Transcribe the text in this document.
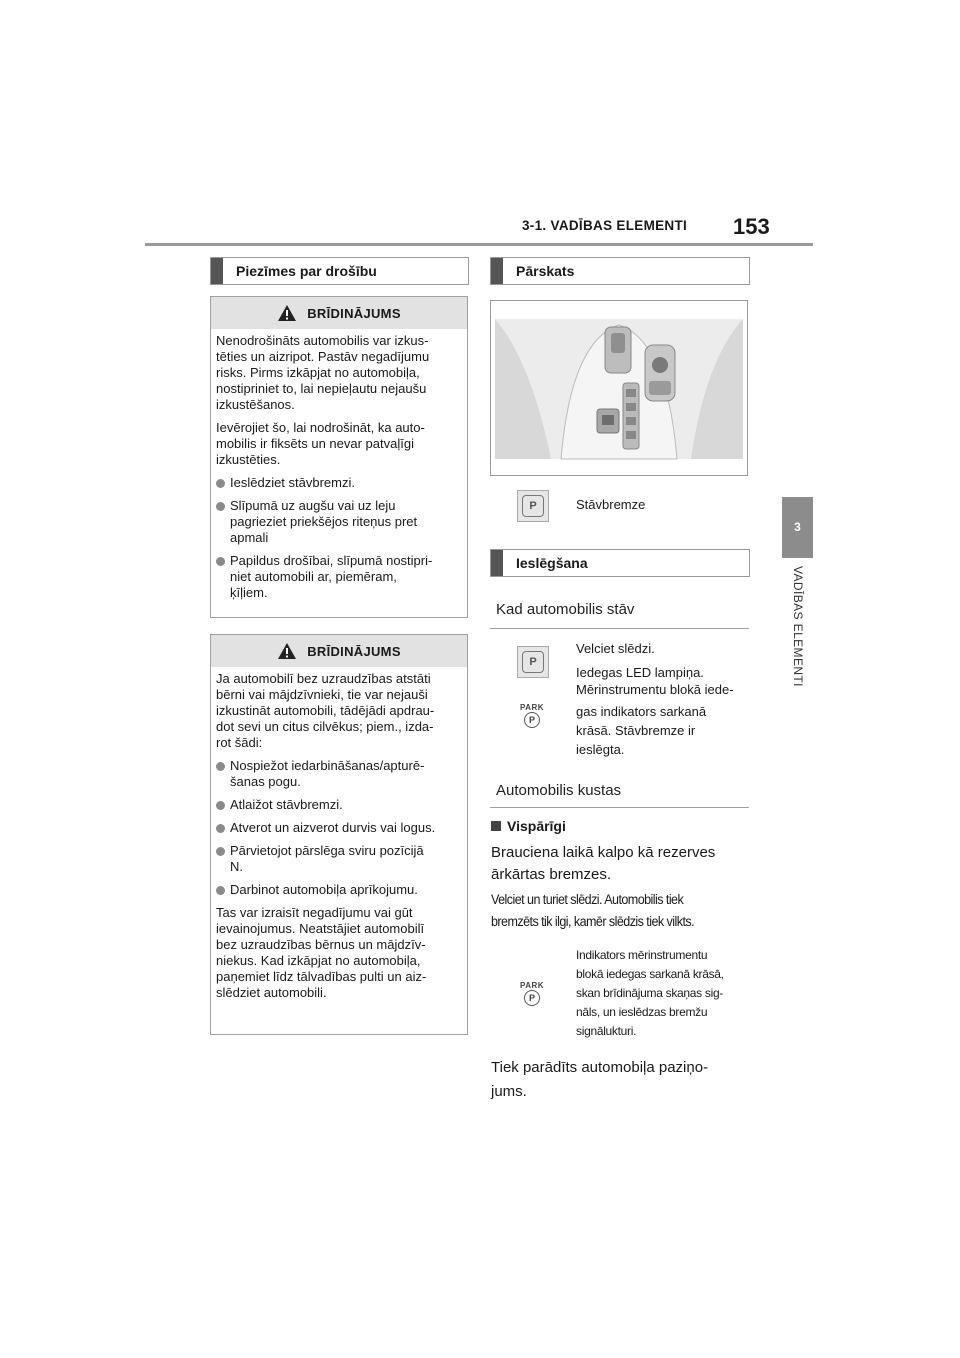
3-1. VADĪBAS ELEMENTI 153
3
VADĪBAS ELEMENTI
Piezīmes par drošību
BRĪDINĀJUMS

Nenodrošināts automobilis var izkus-
tēties un aizripot. Pastāv negadījumu
risks. Pirms izkāpjat no automobiļa,
nostipriniet to, lai nepieļautu nejaušu
izkustēšanos.

Ievērojiet šo, lai nodrošināt, ka auto-
mobilis ir fiksēts un nevar patvaļīgi
izkustēties.

Ieslēdziet stāvbremzi.
Slīpumā uz augšu vai uz leju
pagrieziet priekšējos riteņus pret
apmali
Papildus drošībai, slīpumā nostipri-
niet automobili ar, piemēram,
ķīļiem.
BRĪDINĀJUMS

Ja automobilī bez uzraudzības atstāti
bērni vai mājdzīvnieki, tie var nejauši
izkustināt automobili, tādējādi apdrau-
dot sevi un citus cilvēkus; piem., izda-
rot šādi:

Nospiežot iedarbināšanas/apturē-
šanas pogu.
Atlaižot stāvbremzi.
Atverot un aizverot durvis vai logus.
Pārvietojot pārslēga sviru pozīcijā
N.
Darbinot automobiļa aprīkojumu.

Tas var izraisīt negadījumu vai gūt
ievainojumus. Neatstājiet automobilī
bez uzraudzības bērnus un mājdzīv-
niekus. Kad izkāpjat no automobiļa,
paņemiet līdz tālvadības pulti un aiz-
slēdziet automobili.

Pārskats
P	Stāvbremze
Ieslēgšana
Kad automobilis stāv
P
PARK
P
Velciet slēdzi.
Iedegas LED lampiņa.
Mērinstrumentu blokā iede-
gas indikators sarkanā
krāsā. Stāvbremze ir
ieslēgta.
Automobilis kustas
Vispārīgi
Brauciena laikā kalpo kā rezerves
ārkārtas bremzes.
Velciet un turiet slēdzi. Automobilis tiek
bremzēts tik ilgi, kamēr slēdzis tiek vilkts.
PARK
P
Indikators mērinstrumentu
blokā iedegas sarkanā krāsā,
skan brīdinājuma skaņas sig-
nāls, un ieslēdzas bremžu
signālukturi.
Tiek parādīts automobiļa paziņo-
jums.
